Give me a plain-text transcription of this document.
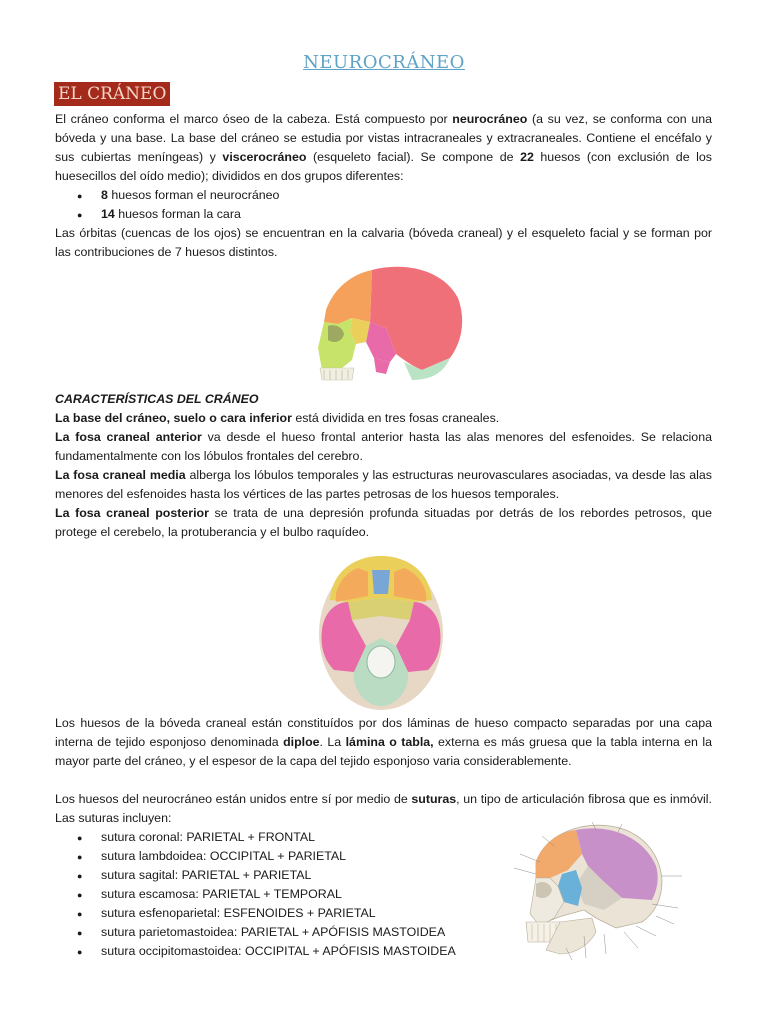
NEUROCRÁNEO
EL CRÁNEO

El cráneo conforma el marco óseo de la cabeza. Está compuesto por neurocráneo (a su vez, se conforma con una bóveda y una base. La base del cráneo se estudia por vistas intracraneales y extracraneales. Contiene el encéfalo y sus cubiertas meníngeas) y viscerocráneo (esqueleto facial). Se compone de 22 huesos (con exclusión de los huesecillos del oído medio); divididos en dos grupos diferentes:

● 8 huesos forman el neurocráneo
● 14 huesos forman la cara

Las órbitas (cuencas de los ojos) se encuentran en la calvaria (bóveda craneal) y el esqueleto facial y se forman por las contribuciones de 7 huesos distintos.

CARACTERÍSTICAS DEL CRÁNEO

La base del cráneo, suelo o cara inferior está dividida en tres fosas craneales.

La fosa craneal anterior va desde el hueso frontal anterior hasta las alas menores del esfenoides. Se relaciona fundamentalmente con los lóbulos frontales del cerebro.

La fosa craneal media alberga los lóbulos temporales y las estructuras neurovasculares asociadas, va desde las alas menores del esfenoides hasta los vértices de las partes petrosas de los huesos temporales.

La fosa craneal posterior se trata de una depresión profunda situadas por detrás de los rebordes petrosos, que protege el cerebelo, la protuberancia y el bulbo raquídeo.

Los huesos de la bóveda craneal están constituídos por dos láminas de hueso compacto separadas por una capa interna de tejido esponjoso denominada diploe. La lámina o tabla, externa es más gruesa que la tabla interna en la mayor parte del cráneo, y el espesor de la capa del tejido esponjoso varia considerablemente.

Los huesos del neurocráneo están unidos entre sí por medio de suturas, un tipo de articulación fibrosa que es inmóvil. Las suturas incluyen:

● sutura coronal: PARIETAL + FRONTAL
● sutura lambdoidea: OCCIPITAL + PARIETAL
● sutura sagital: PARIETAL + PARIETAL
● sutura escamosa: PARIETAL + TEMPORAL
● sutura esfenoparietal: ESFENOIDES + PARIETAL
● sutura parietomastoidea: PARIETAL + APÓFISIS MASTOIDEA
● sutura occipitomastoidea: OCCIPITAL + APÓFISIS MASTOIDEA
